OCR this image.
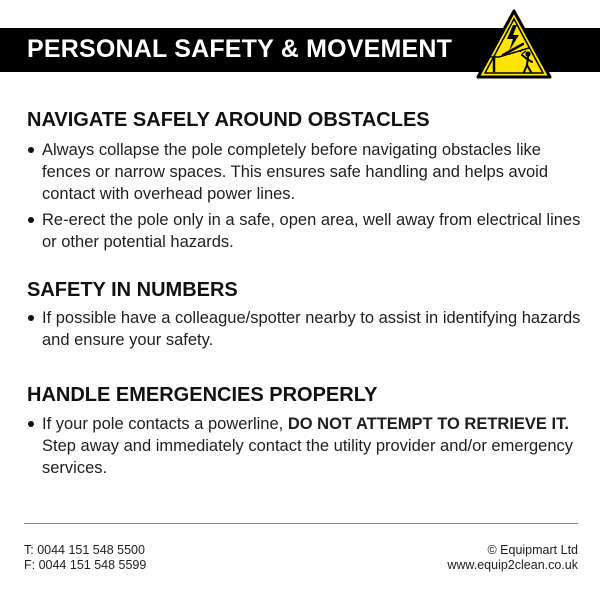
PERSONAL SAFETY & MOVEMENT
NAVIGATE SAFELY AROUND OBSTACLES
Always collapse the pole completely before navigating obstacles like fences or narrow spaces. This ensures safe handling and helps avoid contact with overhead power lines.
Re-erect the pole only in a safe, open area, well away from electrical lines or other potential hazards.
SAFETY IN NUMBERS
If possible have a colleague/spotter nearby to assist in identifying hazards and ensure your safety.
HANDLE EMERGENCIES PROPERLY
If your pole contacts a powerline, DO NOT ATTEMPT TO RETRIEVE IT. Step away and immediately contact the utility provider and/or emergency services.
T: 0044 151 548 5500
F: 0044 151 548 5599
© Equipmart Ltd
www.equip2clean.co.uk
